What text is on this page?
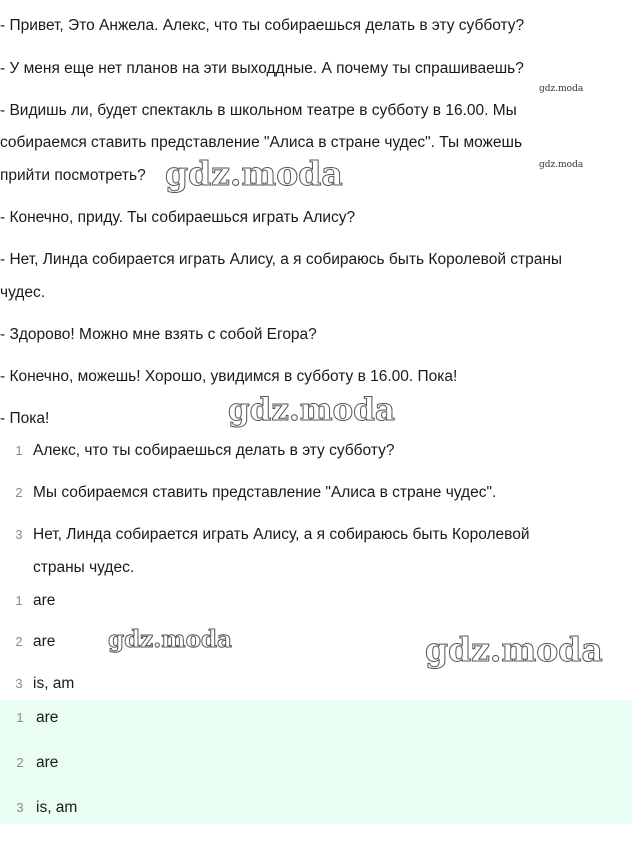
- Привет, Это Анжела. Алекс, что ты собираешься делать в эту субботу?
- У меня еще нет планов на эти выходдные. А почему ты спрашиваешь?
- Видишь ли, будет спектакль в школьном театре в субботу в 16.00. Мы
собираемся ставить представление "Алиса в стране чудес". Ты можешь
прийти посмотреть?
- Конечно, приду. Ты собираешься играть Алису?
- Нет, Линда собирается играть Алису, а я собираюсь быть Королевой страны
чудес.
- Здорово! Можно мне взять с собой Егора?
- Конечно, можешь! Хорошо, увидимся в субботу в 16.00. Пока!
- Пока!
1 Алекс, что ты собираешься делать в эту субботу?
2 Мы собираемся ставить представление "Алиса в стране чудес".
3 Нет, Линда собирается играть Алису, а я собираюсь быть Королевой
страны чудес.
1 are
2 are
3 is, am
1 are
2 are
3 is, am
gdz.moda
gdz.moda
gdz.moda
gdz.moda
gdz.moda	gdz.moda
